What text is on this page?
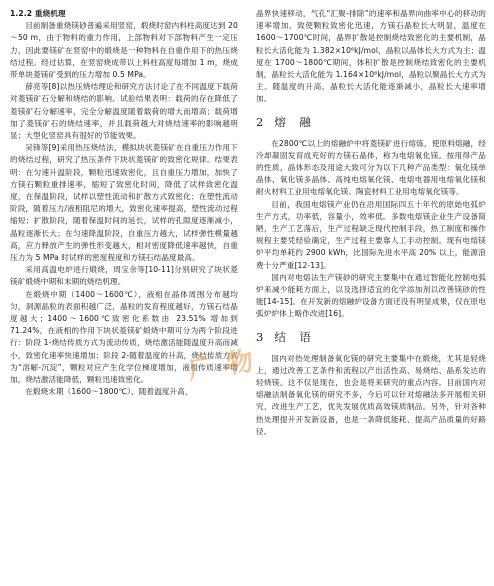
1.2.2 重烧机理

目前制备重烧镁砂普遍采用竖窑，煅烧时窑内料柱高度达到 20～50 m，由于物料的重力作用，上部物料对下部物料产生一定压力，因此要镁矿在竖窑中的煅烧是一种物料在自重作用下的热压烧结过程。经过估算，在竖窑烧成带以上料柱高度每增加 1 m，烧成带单块菱镁矿受到的压力增加 0.5 MPa。

薛亮等[8]以热压烧结理论和研究方法讨论了在不同温度下载荷对菱镁矿石分解和烧结的影响。试验结果表明：载荷的存在降低了菱镁矿石分解速率，完全分解温度随着载荷的增大而增高；载荷增加了菱镁矿石的烧结速率，并且载荷越大对烧结速率的影响越明显；大型化竖窑具有很好的节能效果。

吴锋等[9]采用热压烧结法，模拟块状菱镁矿在自重压力作用下的烧结过程，研究了热压条件下块状菱镁矿的致密化规律。结果表明：在匀速升温阶段，颗粒迅速致密化，且自重压力增加，加快了方镁石颗粒重排速率，缩短了致密化时间，降低了试样致密化温度，在保温阶段，试样以塑性流动和扩散方式致密化；在塑性流动阶段，随着压力/液相阻尼的增大，致密化速率提高，塑性流动过程缩短；扩散阶段，随着保温时间的延长，试样的孔隙度逐渐减小，晶粒逐渐长大；在匀速降温阶段，自重压力越大，试样弹性模量越高，应力释放产生的弹性形变越大，相对密度降低速率越快，自重压力为 5 MPa 时试样的密度程度和方镁石结晶度最高。

采用高温电炉进行煅烧，周宝余等[10-11]分别研究了块状菱镁矿煅烧中期和末期的烧结机理。

在煅烧中期（1400～1600℃），液相在晶体周围分布越均匀，洞源晶粒的表面积越广泛，晶粒的发育程度越好，方镁石结晶度越大；1400～1600℃致密化系数由 23.51% 增加到 71.24%，在液相的作用下块状菱镁矿煅烧中期可分为两个阶段进行：阶段 1-烧结传质方式为流动传质，烧结激活能随温度升高而减小，致密化速率快速增加；阶段 2-随着温度的升高，烧结传质方式为“溶解-沉淀”，颗粒对应产生化学位梯度增加，液相传质速率增加，烧结激活能降低，颗粒迅速致密化。

在煅烧末期（1600～1800℃），随着温度升高，

晶界快速移动，气孔“汇聚-排除”的速率和晶界向曲率中心的移动的速率增加，致使颗粒致密化迅速，方镁石晶粒长大明显，温度在 1600～1700℃时间，晶界扩散是控制烧结致密化的主要机制，晶粒长大活化能为 1.382×10⁶kJ/mol，晶粒以晶体长大方式为主；温度在 1700～1800℃期间，体积扩散是控制烧结致密化的主要机制，晶粒长大活化能为 1.164×10⁶kJ/mol，晶粒以聚晶长大方式为主。随温度的升高，晶粒长大活化能逐渐减小，晶粒长大速率增加。

2 熔　融

在2800℃以上的熔融炉中将菱镁矿进行熔炼，使原料熔融，经冷却凝固发育成充好的方镁石晶体，称为电熔氧化镁。按用得产品的性质，晶体形态及用途大致可分为以下几种产品类型：氧化镁单晶体、氧化镁多晶体、高纯电熔氧化镁、电熔电器用电熔氧化镁和耐火材料工业用电熔氧化镁、陶瓷材料工业用电熔氧化镁等。

目前，我国电熔镁产业仍在沿用国际四五十年代的原始电弧炉生产方式，功率低，容量小，效率低。多数电熔镁企业生产设备简陋，生产工艺落后，生产过程缺乏现代控制手段，热工制度和操作规程主要凭经验确定，生产过程主要靠人工手动控制。现有电熔镁炉平均单耗约 2900 kWh，比国际先进水平高 20% 以上，能源浪费十分严重[12-13]。

国内对电熔法生产镁砂的研究主要集中在通过智能化控制电弧炉来减少能耗方面上，以及选择适宜的化学添加剂以改善镁砂的性能[14-15]。在开发新的熔融炉设备方面还没有明显成果，仅在原电弧炉炉体上略作改进[16]。

3 结　语

国内对热处理制备氧化镁的研究主要集中在煅烧，尤其是轻烧上，通过改善工艺条件和流程以产出活性高、易烧结、晶系发达的轻烧镁。这不仅是现在，也会是将来研究的重点内容。目前国内对熔融法制备氧化镁的研究不多，今后可以针对熔融法多开展相关研究，改进生产工艺，优先发展优质高效镁质制品。另外，针对各种热处理提升开发新设备，也是一条降低能耗、提高产品质量的好路径。

广 物
